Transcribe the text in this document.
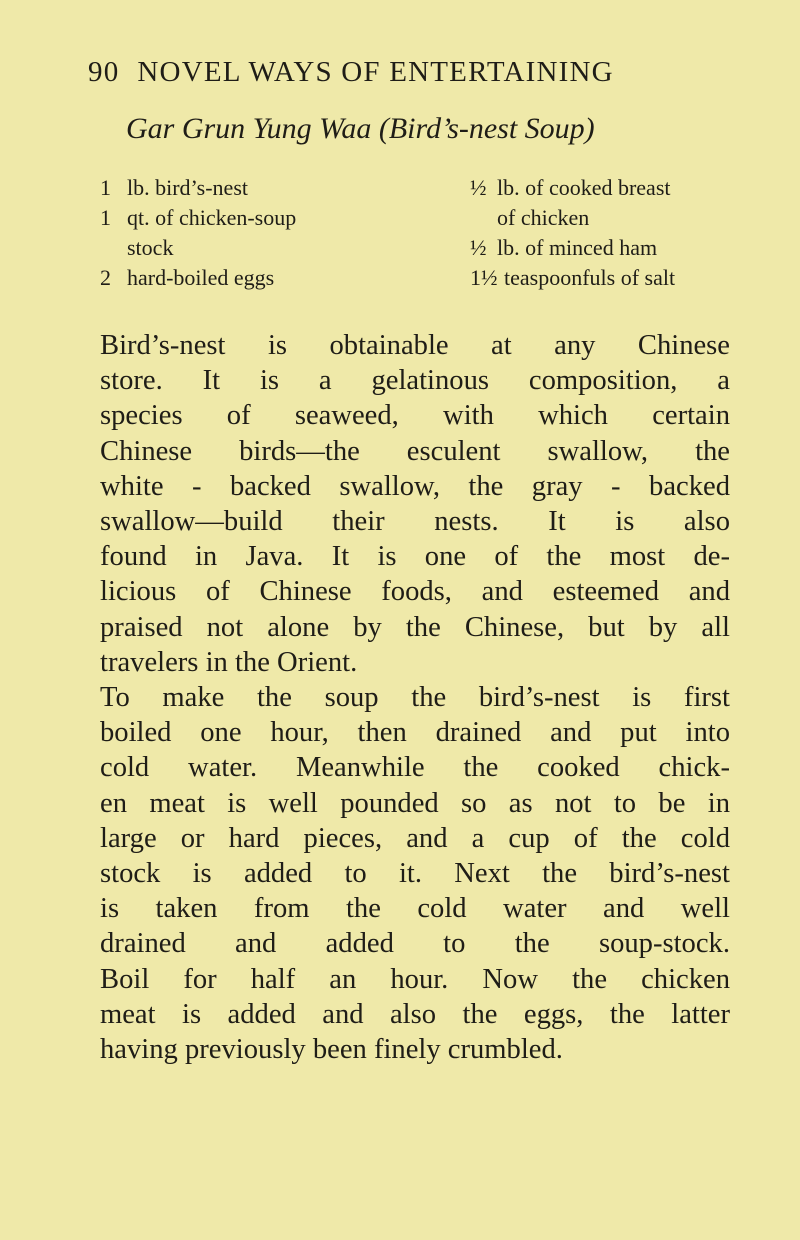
90 NOVEL WAYS OF ENTERTAINING
Gar Grun Yung Waa (Bird’s-nest Soup)
1 lb. bird’s-nest
1 qt. of chicken-soup
stock
2 hard-boiled eggs
½ lb. of cooked breast
of chicken
½ lb. of minced ham
1½ teaspoonfuls of salt

Bird’s-nest is obtainable at any Chinese
store. It is a gelatinous composition, a
species of seaweed, with which certain
Chinese birds—the esculent swallow, the
white - backed swallow, the gray - backed
swallow—build their nests. It is also
found in Java. It is one of the most de-
licious of Chinese foods, and esteemed and
praised not alone by the Chinese, but by all
travelers in the Orient.

To make the soup the bird’s-nest is first
boiled one hour, then drained and put into
cold water. Meanwhile the cooked chick-
en meat is well pounded so as not to be in
large or hard pieces, and a cup of the cold
stock is added to it. Next the bird’s-nest
is taken from the cold water and well
drained and added to the soup-stock.
Boil for half an hour. Now the chicken
meat is added and also the eggs, the latter
having previously been finely crumbled.
